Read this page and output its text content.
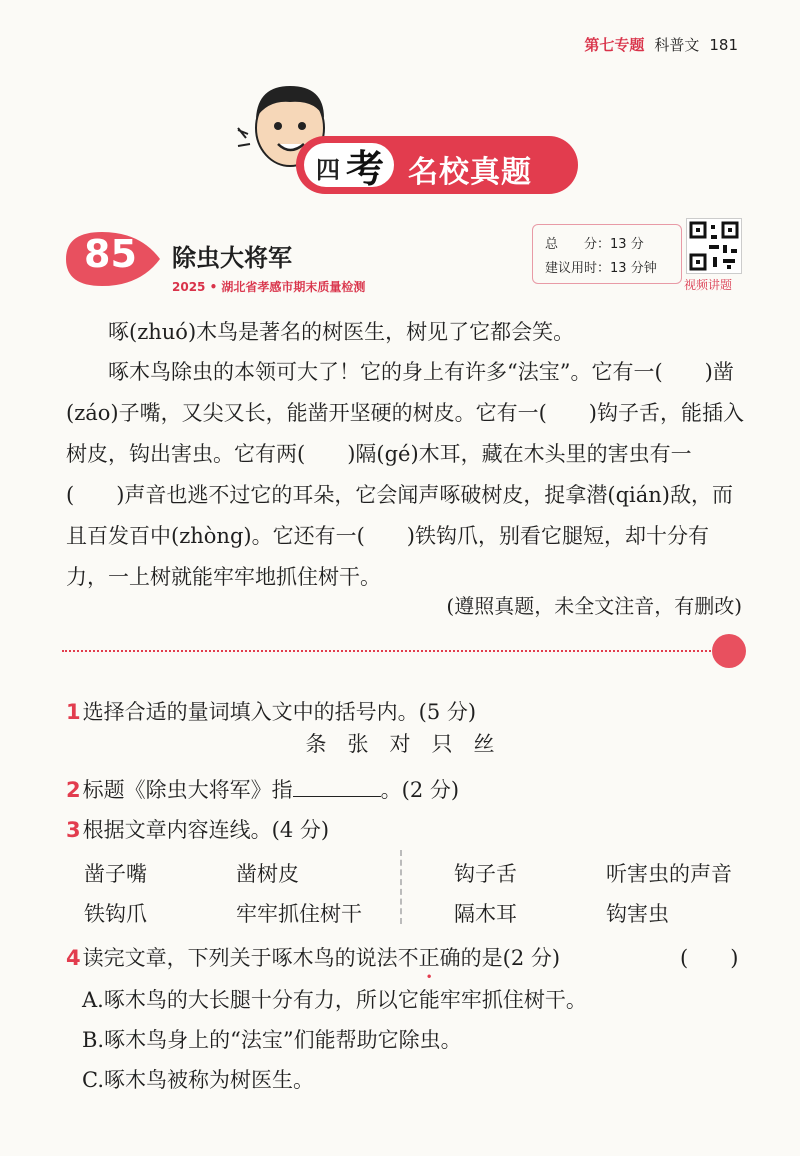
第七专题 科普文 181
四 考 名校真题
85 除虫大将军
2025 • 湖北省孝感市期末质量检测
总　　分：13 分
建议用时：13 分钟
视频讲题

啄(zhuó)木鸟是著名的树医生，树见了它都会笑。

啄木鸟除虫的本领可大了！它的身上有许多“法宝”。它有一(　　)凿(záo)子嘴，又尖又长，能凿开坚硬的树皮。它有一(　　)钩子舌，能插入树皮，钩出害虫。它有两(　　)隔(gé)木耳，藏在木头里的害虫有一(　　)声音也逃不过它的耳朵，它会闻声啄破树皮，捉拿潜(qián)敌，而且百发百中(zhòng)。它还有一(　　)铁钩爪，别看它腿短，却十分有力，一上树就能牢牢地抓住树干。

(遵照真题，未全文注音，有删改)
1选择合适的量词填入文中的括号内。(5 分)
条　张　对　只　丝
2标题《除虫大将军》指	。(2 分)
3根据文章内容连线。(4 分)
凿子嘴
铁钩爪
凿树皮
牢牢抓住树干
钩子舌
隔木耳
听害虫的声音
钩害虫
4读完文章，下列关于啄木鸟的说法不正确的是(2 分)	(　　)
A.啄木鸟的大长腿十分有力，所以它能牢牢抓住树干。
B.啄木鸟身上的“法宝”们能帮助它除虫。
C.啄木鸟被称为树医生。
